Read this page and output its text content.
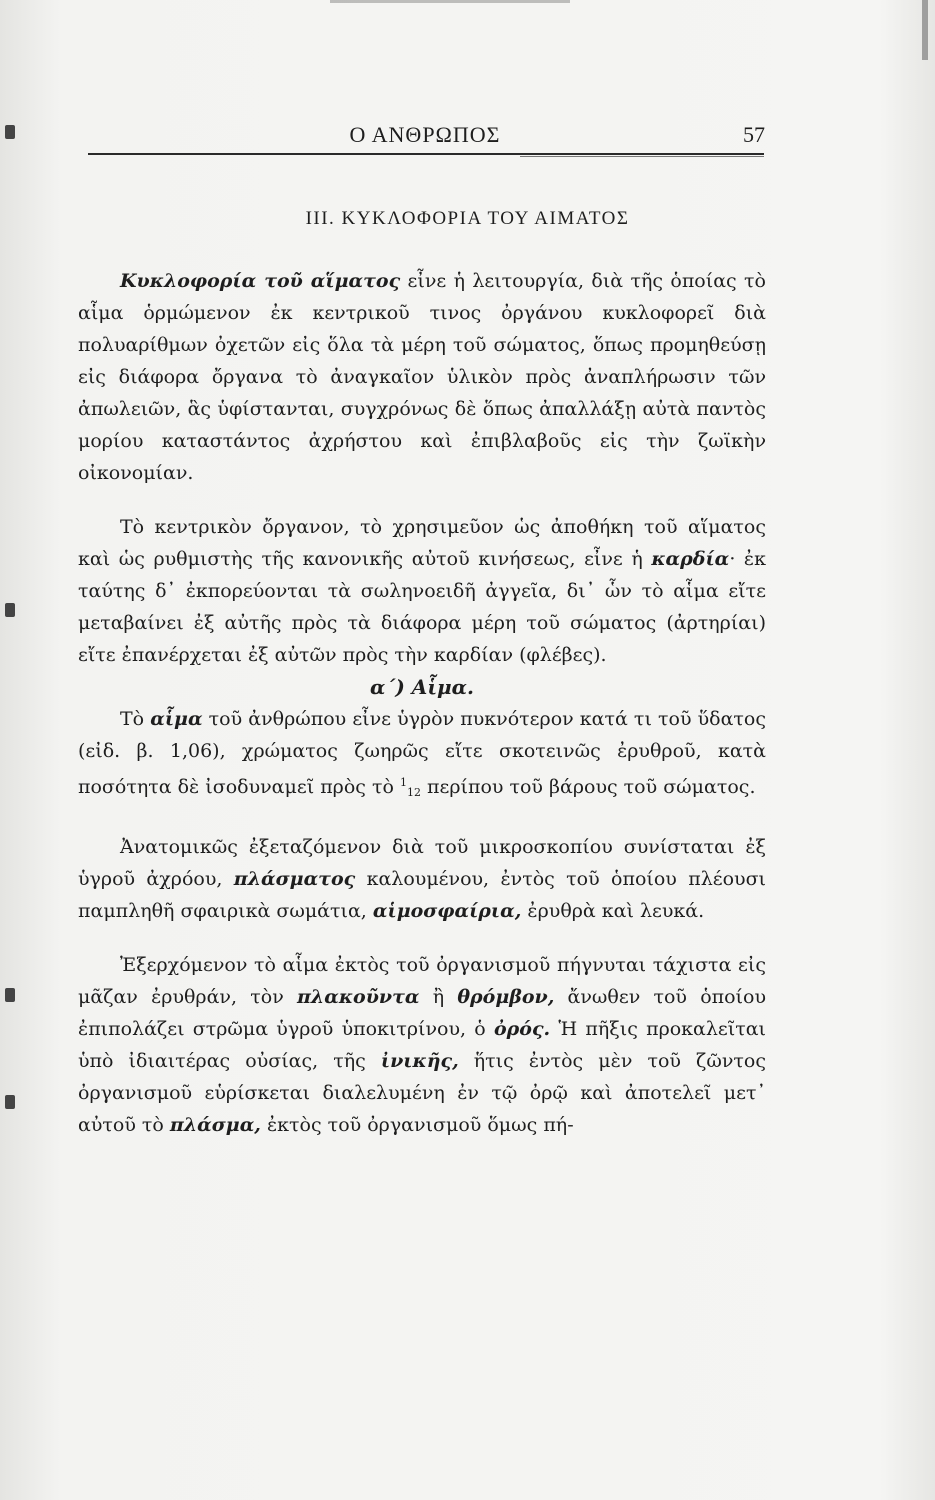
Ο ΑΝΘΡΩΠΟΣ	57
III. ΚΥΚΛΟΦΟΡΙΑ ΤΟΥ ΑΙΜΑΤΟΣ

Κυκλοφορία τοῦ αἵματος εἶνε ἡ λειτουργία, διὰ τῆς ὁποίας τὸ αἷμα ὁρμώμενον ἐκ κεντρικοῦ τινος ὀργάνου κυκλοφορεῖ διὰ πολυαρίθμων ὀχετῶν εἰς ὅλα τὰ μέρη τοῦ σώματος, ὅπως προμηθεύσῃ εἰς διάφορα ὄργανα τὸ ἀναγκαῖον ὑλικὸν πρὸς ἀναπλήρωσιν τῶν ἀπωλειῶν, ἃς ὑφίστανται, συγχρόνως δὲ ὅπως ἀπαλλάξῃ αὐτὰ παντὸς μορίου καταστάντος ἀχρήστου καὶ ἐπιβλαβοῦς εἰς τὴν ζωϊκὴν οἰκονομίαν.

Τὸ κεντρικὸν ὄργανον, τὸ χρησιμεῦον ὡς ἀποθήκη τοῦ αἵματος καὶ ὡς ρυθμιστὴς τῆς κανονικῆς αὐτοῦ κινήσεως, εἶνε ἡ καρδία· ἐκ ταύτης δ᾽ ἐκπορεύονται τὰ σωληνοειδῆ ἀγγεῖα, δι᾽ ὧν τὸ αἷμα εἴτε μεταβαίνει ἐξ αὐτῆς πρὸς τὰ διάφορα μέρη τοῦ σώματος (ἀρτηρίαι) εἴτε ἐπανέρχεται ἐξ αὐτῶν πρὸς τὴν καρδίαν (φλέβες).

α΄) Αἷμα.

Τὸ αἷμα τοῦ ἀνθρώπου εἶνε ὑγρὸν πυκνότερον κατά τι τοῦ ὕδατος (εἰδ. β. 1,06), χρώματος ζωηρῶς εἴτε σκοτεινῶς ἐρυθροῦ, κατὰ ποσότητα δὲ ἰσοδυναμεῖ πρὸς τὸ $^1_{12}$ περίπου τοῦ βάρους τοῦ σώματος.

Ἀνατομικῶς ἐξεταζόμενον διὰ τοῦ μικροσκοπίου συνίσταται ἐξ ὑγροῦ ἀχρόου, πλάσματος καλουμένου, ἐντὸς τοῦ ὁποίου πλέουσι παμπληθῆ σφαιρικὰ σωμάτια, αἱμοσφαίρια, ἐρυθρὰ καὶ λευκά.

Ἐξερχόμενον τὸ αἷμα ἐκτὸς τοῦ ὀργανισμοῦ πήγνυται τάχιστα εἰς μᾶζαν ἐρυθράν, τὸν πλακοῦντα ἢ θρόμβον, ἄνωθεν τοῦ ὁποίου ἐπιπολάζει στρῶμα ὑγροῦ ὑποκιτρίνου, ὁ ὀρός. Ἡ πῆξις προκαλεῖται ὑπὸ ἰδιαιτέρας οὐσίας, τῆς ἰνικῆς, ἥτις ἐντὸς μὲν τοῦ ζῶντος ὀργανισμοῦ εὑρίσκεται διαλελυμένη ἐν τῷ ὀρῷ καὶ ἀποτελεῖ μετ᾽ αὐτοῦ τὸ πλάσμα, ἐκτὸς τοῦ ὀργανισμοῦ ὅμως πή-
